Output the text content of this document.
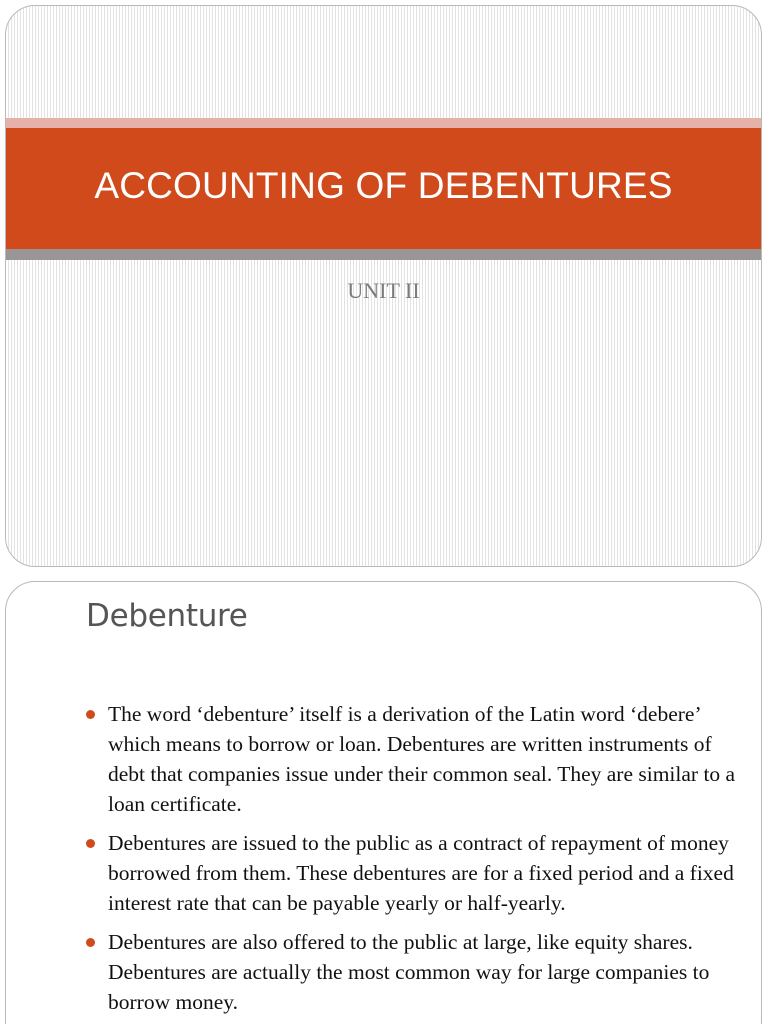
ACCOUNTING OF DEBENTURES
UNIT II
Debenture
The word ‘debenture’ itself is a derivation of the Latin word ‘debere’ which means to borrow or loan. Debentures are written instruments of debt that companies issue under their common seal. They are similar to a loan certificate.
Debentures are issued to the public as a contract of repayment of money borrowed from them. These debentures are for a fixed period and a fixed interest rate that can be payable yearly or half-yearly.
Debentures are also offered to the public at large, like equity shares. Debentures are actually the most common way for large companies to borrow money.
